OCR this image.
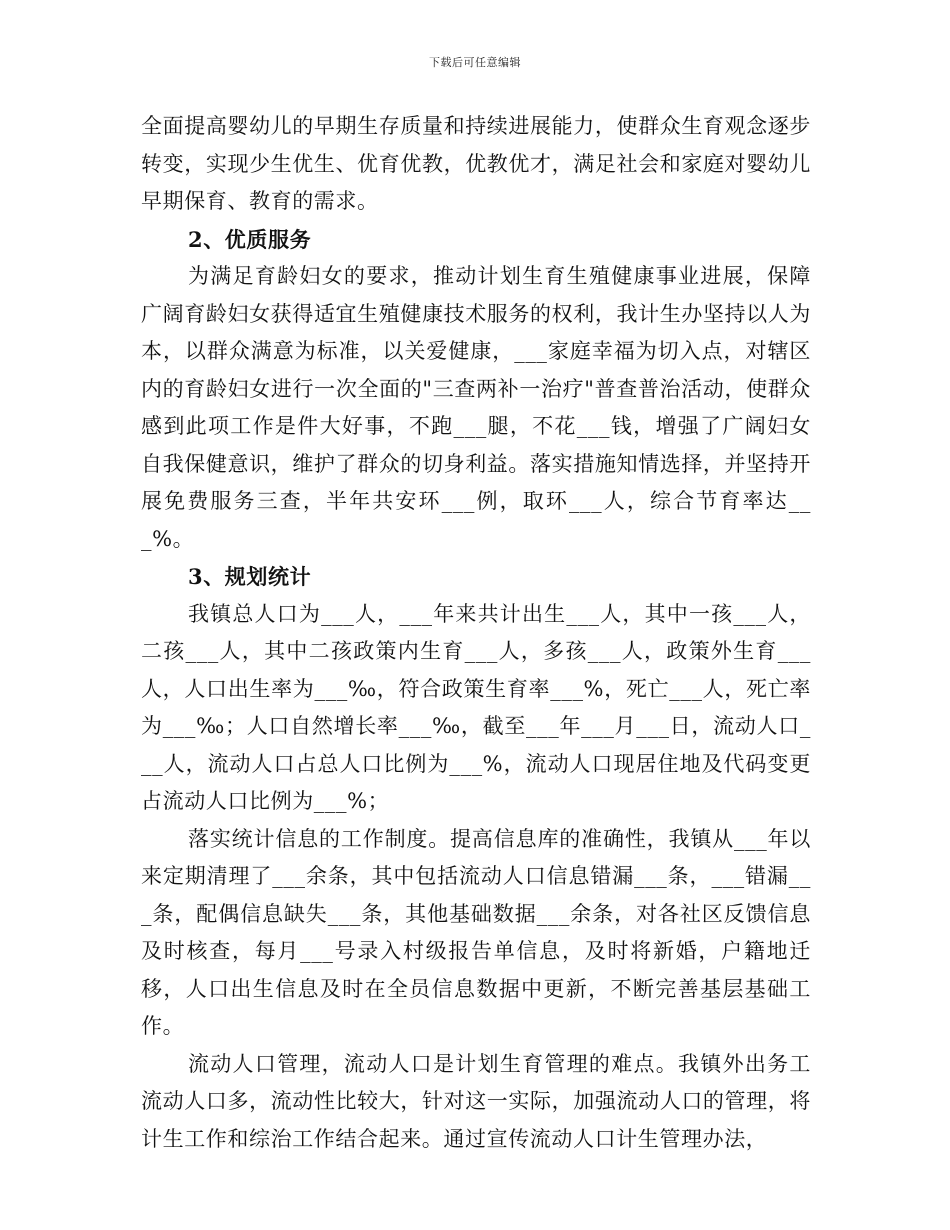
下载后可任意编辑

全面提高婴幼儿的早期生存质量和持续进展能力，使群众生育观念逐步转变，实现少生优生、优育优教，优教优才，满足社会和家庭对婴幼儿早期保育、教育的需求。

2、优质服务

为满足育龄妇女的要求，推动计划生育生殖健康事业进展，保障广阔育龄妇女获得适宜生殖健康技术服务的权利，我计生办坚持以人为本，以群众满意为标准，以关爱健康，___家庭幸福为切入点，对辖区内的育龄妇女进行一次全面的"三查两补一治疗"普查普治活动，使群众感到此项工作是件大好事，不跑___腿，不花___钱，增强了广阔妇女自我保健意识，维护了群众的切身利益。落实措施知情选择，并坚持开展免费服务三查，半年共安环___例，取环___人，综合节育率达___%。

3、规划统计

我镇总人口为___人，___年来共计出生___人，其中一孩___人，二孩___人，其中二孩政策内生育___人，多孩___人，政策外生育___人，人口出生率为___‰，符合政策生育率___%，死亡___人，死亡率为___‰；人口自然增长率___‰，截至___年___月___日，流动人口___人，流动人口占总人口比例为___%，流动人口现居住地及代码变更占流动人口比例为___%；

落实统计信息的工作制度。提高信息库的准确性，我镇从___年以来定期清理了___余条，其中包括流动人口信息错漏___条，___错漏___条，配偶信息缺失___条，其他基础数据___余条，对各社区反馈信息及时核查，每月___号录入村级报告单信息，及时将新婚，户籍地迁移，人口出生信息及时在全员信息数据中更新，不断完善基层基础工作。

流动人口管理，流动人口是计划生育管理的难点。我镇外出务工流动人口多，流动性比较大，针对这一实际，加强流动人口的管理，将计生工作和综治工作结合起来。通过宣传流动人口计生管理办法，
